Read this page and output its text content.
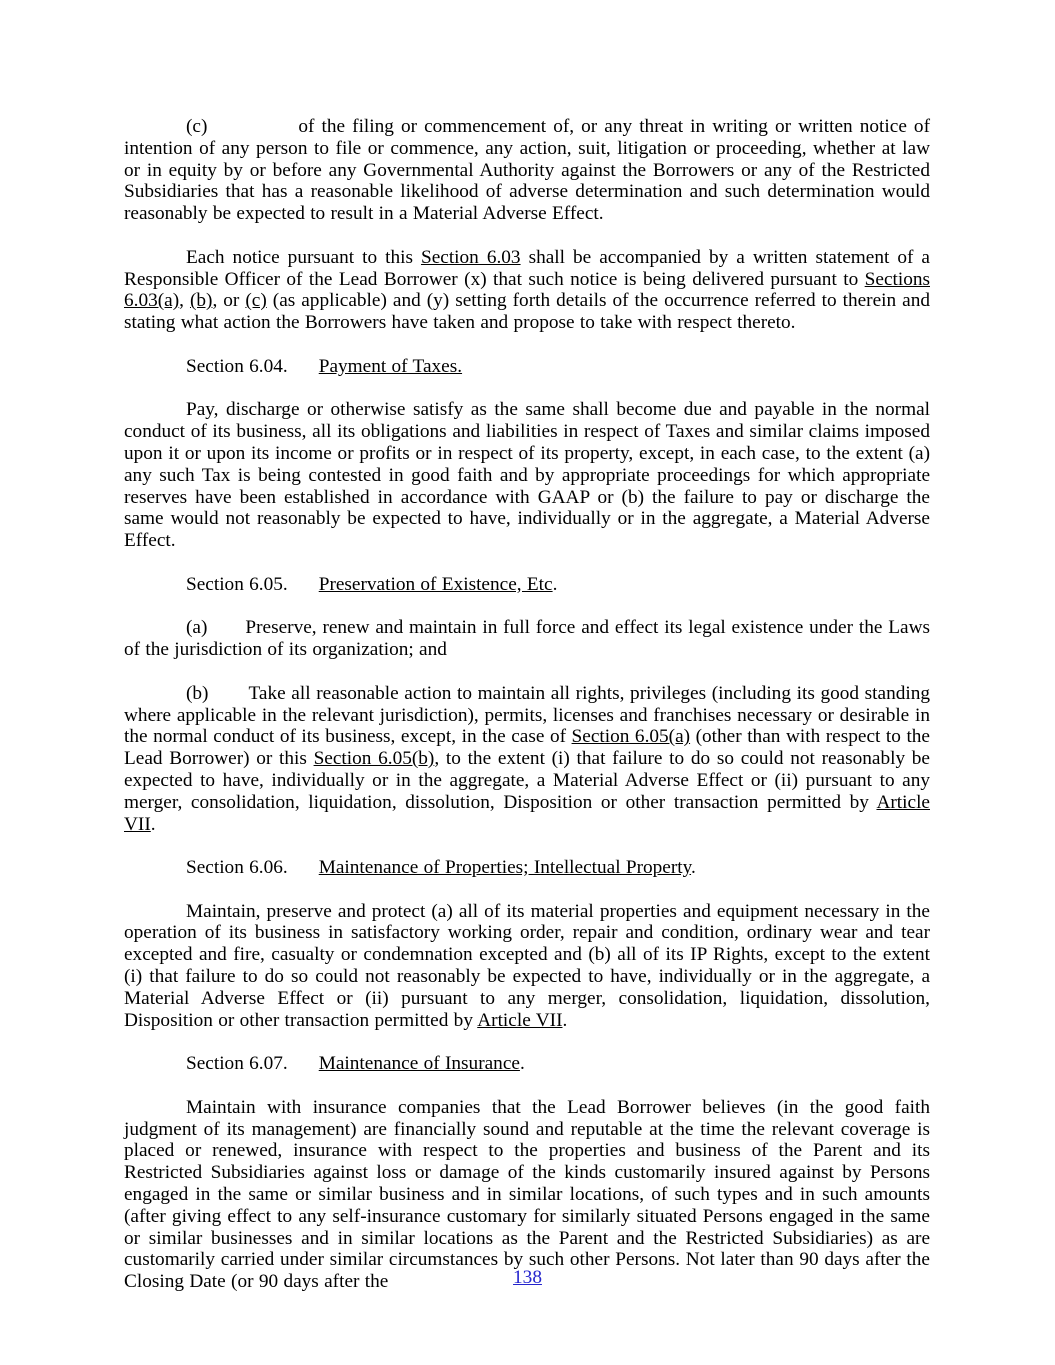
(c)	of the filing or commencement of, or any threat in writing or written notice of intention of any person to file or commence, any action, suit, litigation or proceeding, whether at law or in equity by or before any Governmental Authority against the Borrowers or any of the Restricted Subsidiaries that has a reasonable likelihood of adverse determination and such determination would reasonably be expected to result in a Material Adverse Effect.

Each notice pursuant to this Section 6.03 shall be accompanied by a written statement of a Responsible Officer of the Lead Borrower (x) that such notice is being delivered pursuant to Sections 6.03(a), (b), or (c) (as applicable) and (y) setting forth details of the occurrence referred to therein and stating what action the Borrowers have taken and propose to take with respect thereto.

Section 6.04. Payment of Taxes.

Pay, discharge or otherwise satisfy as the same shall become due and payable in the normal conduct of its business, all its obligations and liabilities in respect of Taxes and similar claims imposed upon it or upon its income or profits or in respect of its property, except, in each case, to the extent (a) any such Tax is being contested in good faith and by appropriate proceedings for which appropriate reserves have been established in accordance with GAAP or (b) the failure to pay or discharge the same would not reasonably be expected to have, individually or in the aggregate, a Material Adverse Effect.

Section 6.05. Preservation of Existence, Etc.

(a) Preserve, renew and maintain in full force and effect its legal existence under the Laws of the jurisdiction of its organization; and

(b) Take all reasonable action to maintain all rights, privileges (including its good standing where applicable in the relevant jurisdiction), permits, licenses and franchises necessary or desirable in the normal conduct of its business, except, in the case of Section 6.05(a) (other than with respect to the Lead Borrower) or this Section 6.05(b), to the extent (i) that failure to do so could not reasonably be expected to have, individually or in the aggregate, a Material Adverse Effect or (ii) pursuant to any merger, consolidation, liquidation, dissolution, Disposition or other transaction permitted by Article VII.

Section 6.06. Maintenance of Properties; Intellectual Property.

Maintain, preserve and protect (a) all of its material properties and equipment necessary in the operation of its business in satisfactory working order, repair and condition, ordinary wear and tear excepted and fire, casualty or condemnation excepted and (b) all of its IP Rights, except to the extent (i) that failure to do so could not reasonably be expected to have, individually or in the aggregate, a Material Adverse Effect or (ii) pursuant to any merger, consolidation, liquidation, dissolution, Disposition or other transaction permitted by Article VII.

Section 6.07. Maintenance of Insurance.

Maintain with insurance companies that the Lead Borrower believes (in the good faith judgment of its management) are financially sound and reputable at the time the relevant coverage is placed or renewed, insurance with respect to the properties and business of the Parent and its Restricted Subsidiaries against loss or damage of the kinds customarily insured against by Persons engaged in the same or similar business and in similar locations, of such types and in such amounts (after giving effect to any self-insurance customary for similarly situated Persons engaged in the same or similar businesses and in similar locations as the Parent and the Restricted Subsidiaries) as are customarily carried under similar circumstances by such other Persons. Not later than 90 days after the Closing Date (or 90 days after the	138
